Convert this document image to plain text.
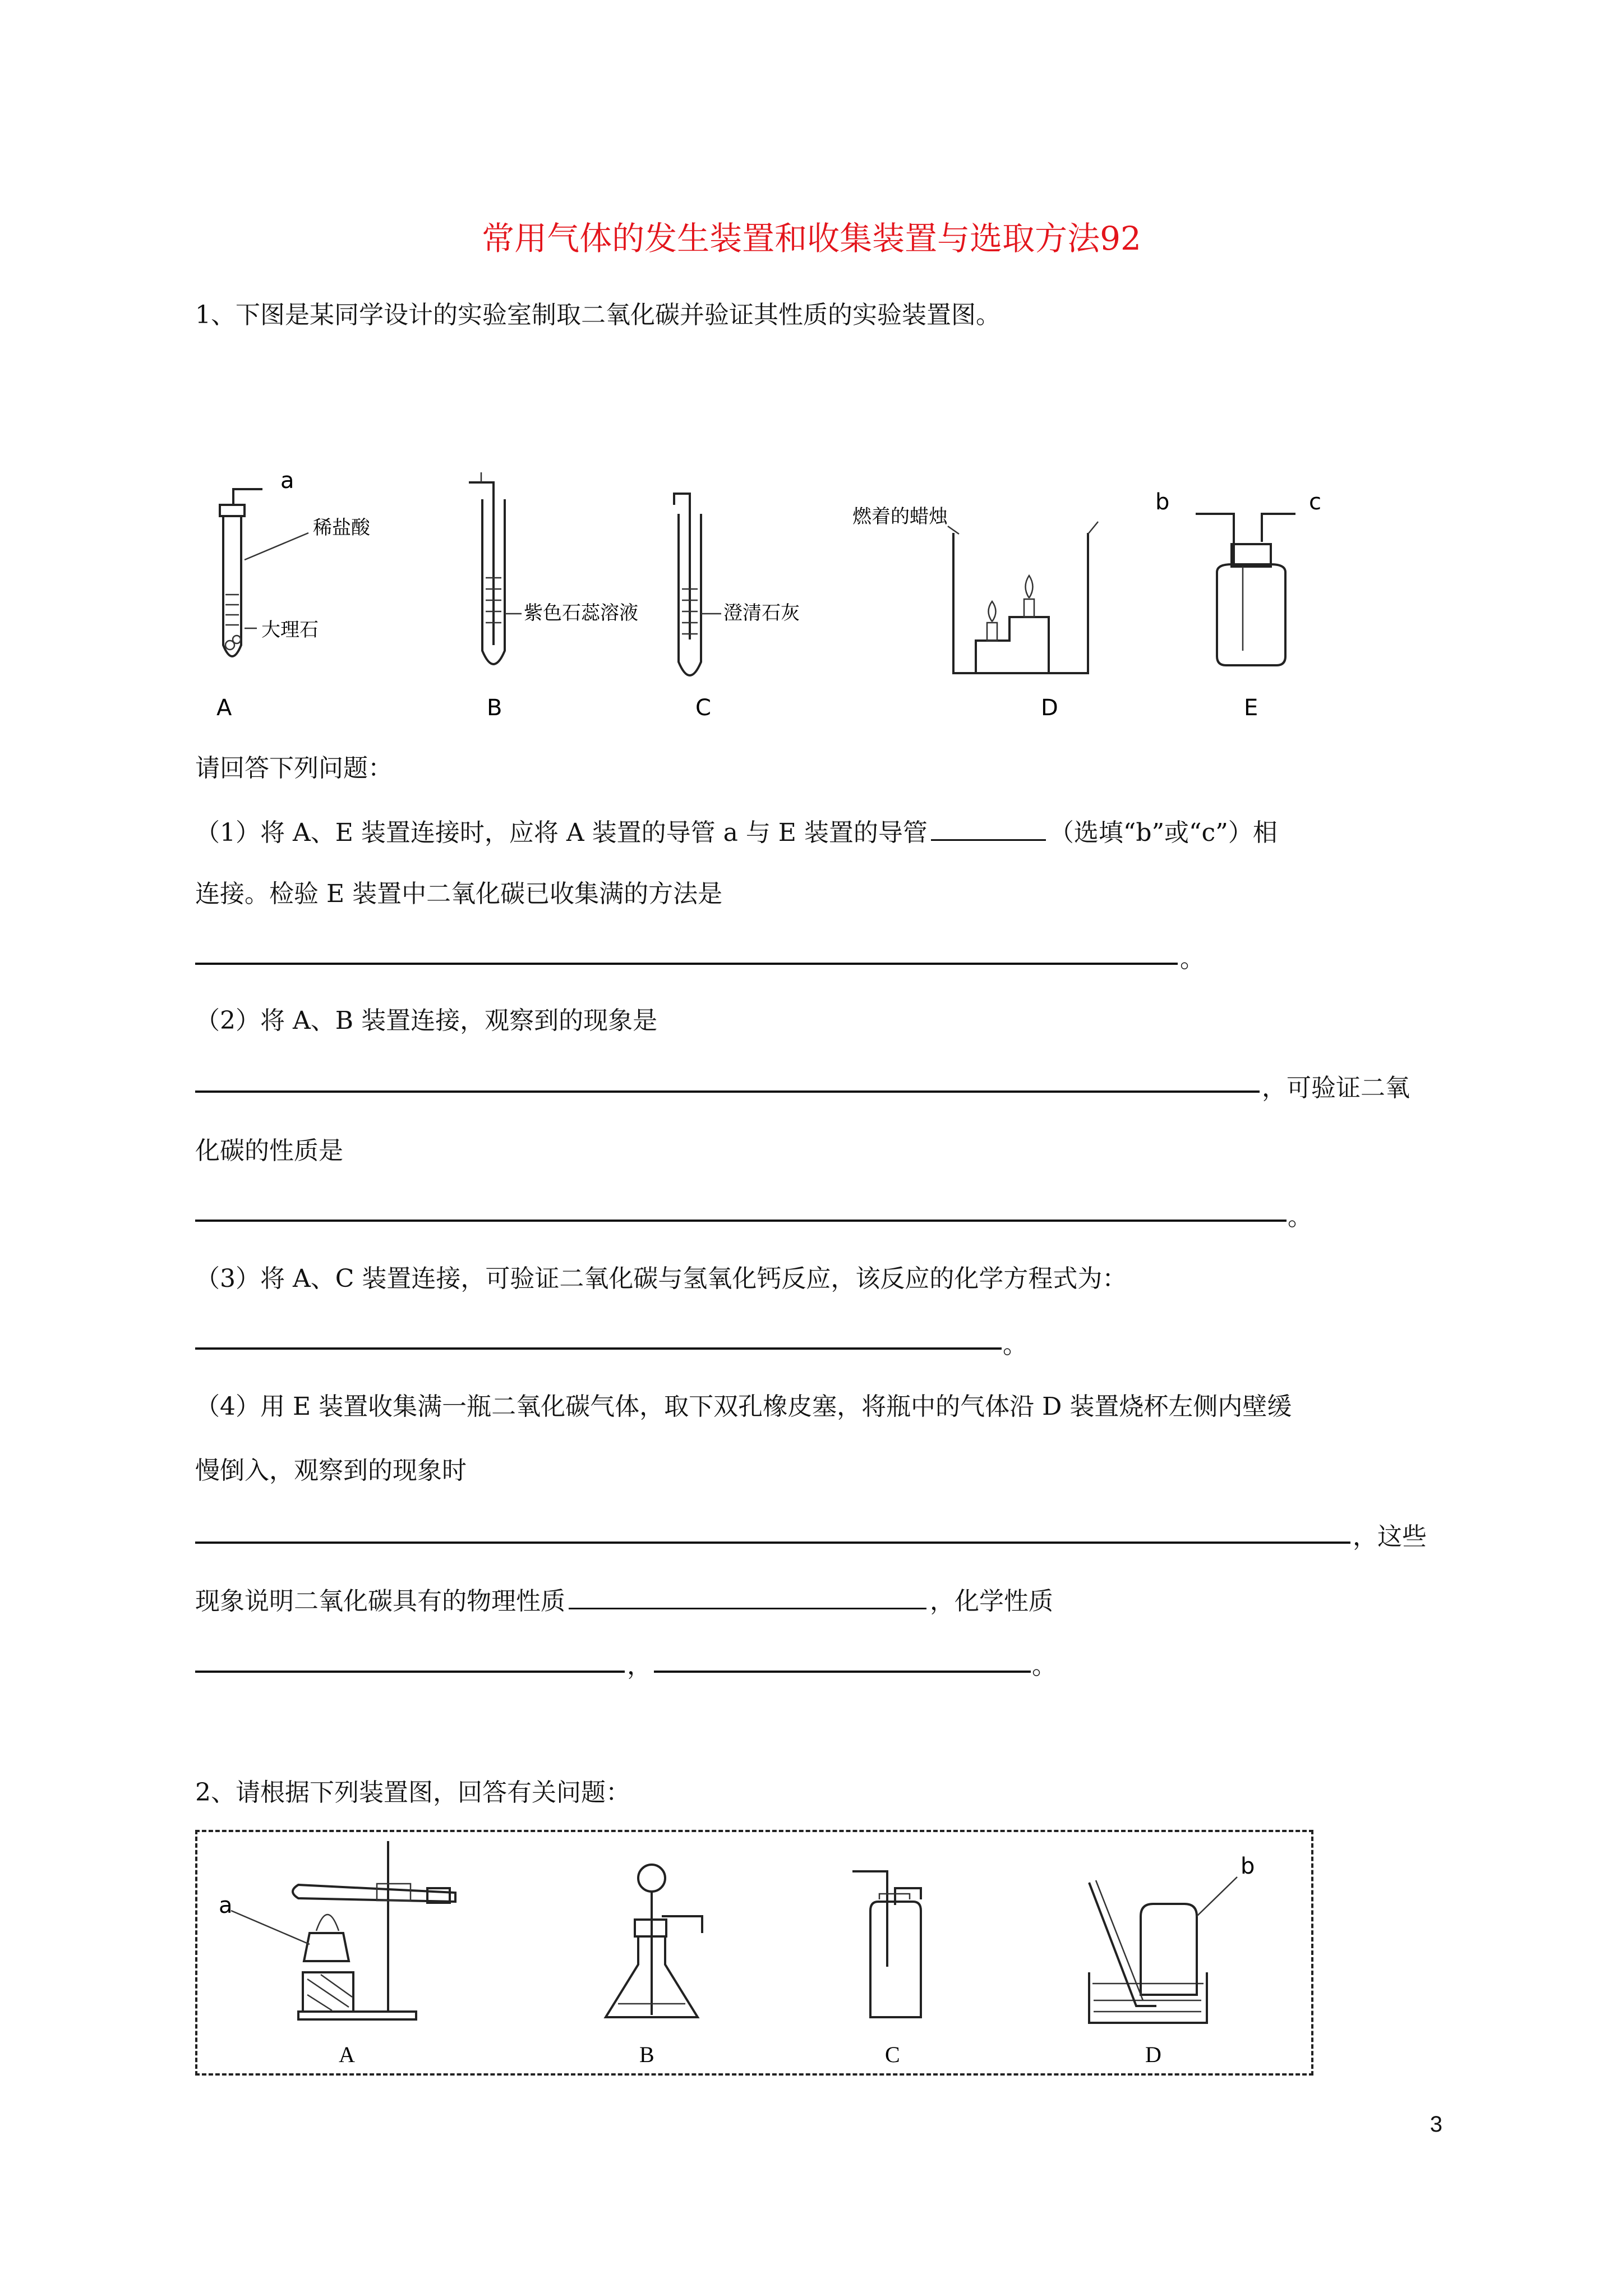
常用气体的发生装置和收集装置与选取方法92
1、下图是某同学设计的实验室制取二氧化碳并验证其性质的实验装置图。
a
稀盐酸
大理石
A
紫色石蕊溶液
B
澄清石灰
C
燃着的蜡烛
D
b	c
E
请回答下列问题：
（1）将 A、E 装置连接时，应将 A 装置的导管 a 与 E 装置的导管	（选填“b”或“c”）相
连接。检验 E 装置中二氧化碳已收集满的方法是
。
（2）将 A、B 装置连接，观察到的现象是
，可验证二氧
化碳的性质是
。
（3）将 A、C 装置连接，可验证二氧化碳与氢氧化钙反应，该反应的化学方程式为：
。
（4）用 E 装置收集满一瓶二氧化碳气体，取下双孔橡皮塞，将瓶中的气体沿 D 装置烧杯左侧内壁缓
慢倒入，观察到的现象时
，这些
现象说明二氧化碳具有的物理性质	，化学性质
，	。
2、请根据下列装置图，回答有关问题：
a
A	B	C
b
D
3
